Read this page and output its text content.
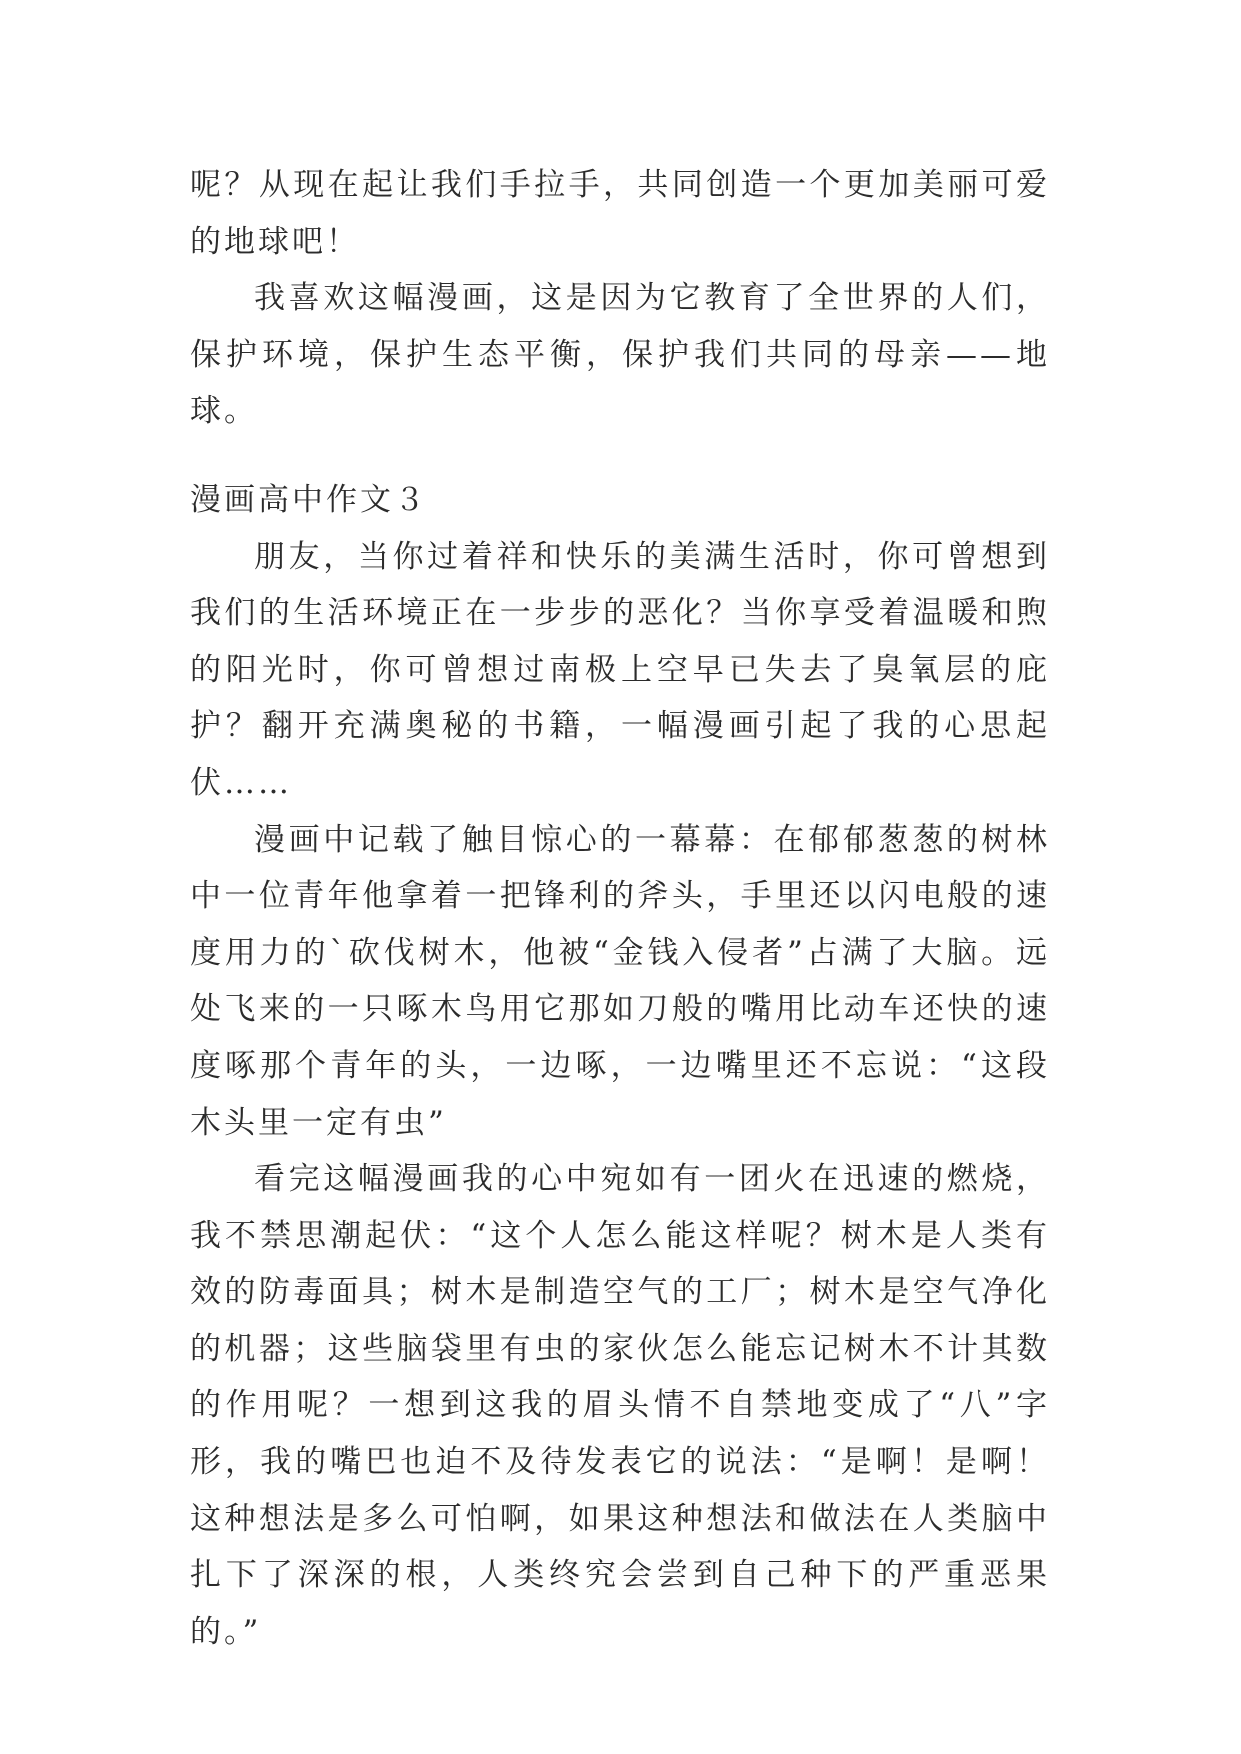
呢？从现在起让我们手拉手，共同创造一个更加美丽可爱的地球吧！

我喜欢这幅漫画，这是因为它教育了全世界的人们，保护环境，保护生态平衡，保护我们共同的母亲——地球。

漫画高中作文３

朋友，当你过着祥和快乐的美满生活时，你可曾想到我们的生活环境正在一步步的恶化？当你享受着温暖和煦的阳光时，你可曾想过南极上空早已失去了臭氧层的庇护？翻开充满奥秘的书籍，一幅漫画引起了我的心思起伏……

漫画中记载了触目惊心的一幕幕：在郁郁葱葱的树林中一位青年他拿着一把锋利的斧头，手里还以闪电般的速度用力的`砍伐树木，他被“金钱入侵者”占满了大脑。远处飞来的一只啄木鸟用它那如刀般的嘴用比动车还快的速度啄那个青年的头，一边啄，一边嘴里还不忘说：“这段木头里一定有虫”

看完这幅漫画我的心中宛如有一团火在迅速的燃烧，我不禁思潮起伏：“这个人怎么能这样呢？树木是人类有效的防毒面具；树木是制造空气的工厂；树木是空气净化的机器；这些脑袋里有虫的家伙怎么能忘记树木不计其数的作用呢？一想到这我的眉头情不自禁地变成了“八”字形，我的嘴巴也迫不及待发表它的说法：“是啊！是啊！这种想法是多么可怕啊，如果这种想法和做法在人类脑中扎下了深深的根，人类终究会尝到自己种下的严重恶果的。”
